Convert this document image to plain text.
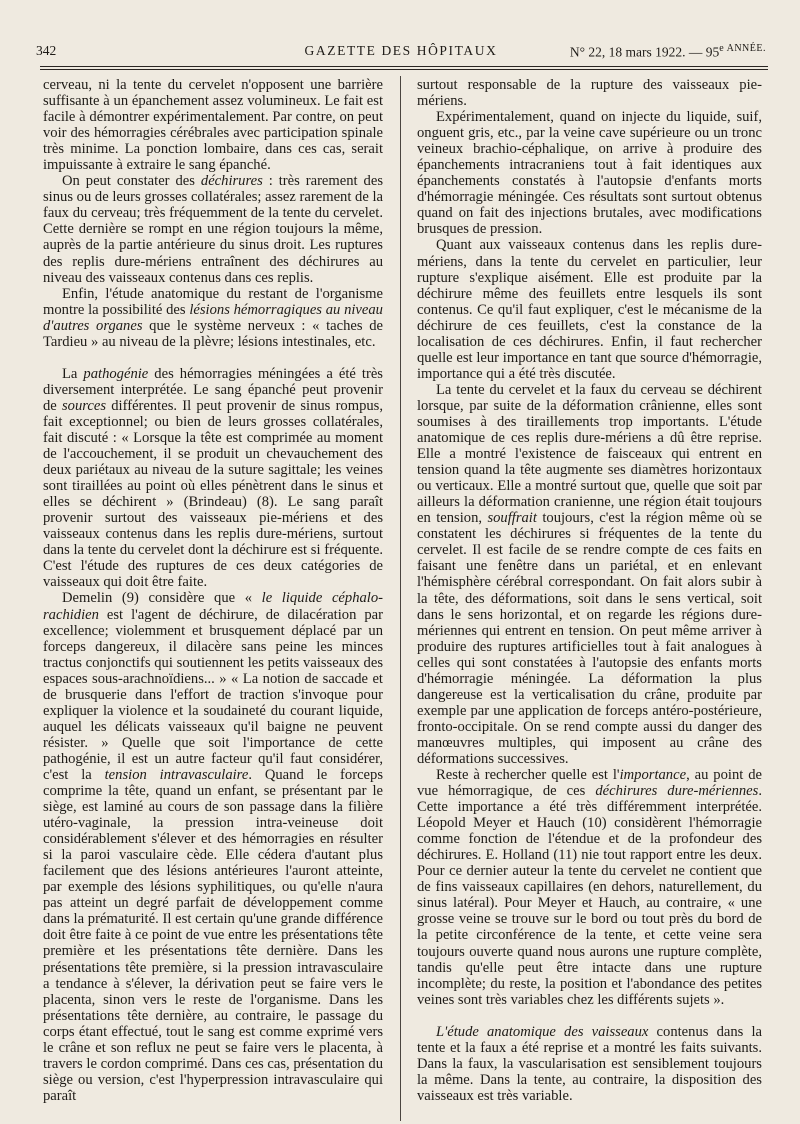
342	GAZETTE DES HÔPITAUX	N° 22, 18 mars 1922. — $95^{e ANNÉE.}$

cerveau, ni la tente du cervelet n'opposent une barrière suffisante à un épanchement assez volumineux. Le fait est facile à démontrer expérimentalement. Par contre, on peut voir des hémorragies cérébrales avec participation spinale très minime. La ponction lombaire, dans ces cas, serait impuissante à extraire le sang épanché.

On peut constater des déchirures : très rarement des sinus ou de leurs grosses collatérales; assez rarement de la faux du cerveau; très fréquemment de la tente du cervelet. Cette dernière se rompt en une région toujours la même, auprès de la partie antérieure du sinus droit. Les ruptures des replis dure-mériens entraînent des déchirures au niveau des vaisseaux contenus dans ces replis.

Enfin, l'étude anatomique du restant de l'organisme montre la possibilité des lésions hémorragiques au niveau d'autres organes que le système nerveux : « taches de Tardieu » au niveau de la plèvre; lésions intestinales, etc.

La pathogénie des hémorragies méningées a été très diversement interprétée. Le sang épanché peut provenir de sources différentes. Il peut provenir de sinus rompus, fait exceptionnel; ou bien de leurs grosses collatérales, fait discuté : « Lorsque la tête est comprimée au moment de l'accouchement, il se produit un chevauchement des deux pariétaux au niveau de la suture sagittale; les veines sont tiraillées au point où elles pénètrent dans le sinus et elles se déchirent » (Brindeau) (8). Le sang paraît provenir surtout des vaisseaux pie-mériens et des vaisseaux contenus dans les replis dure-mériens, surtout dans la tente du cervelet dont la déchirure est si fréquente. C'est l'étude des ruptures de ces deux catégories de vaisseaux qui doit être faite.

Demelin (9) considère que « le liquide céphalo-rachidien est l'agent de déchirure, de dilacération par excellence; violemment et brusquement déplacé par un forceps dangereux, il dilacère sans peine les minces tractus conjonctifs qui soutiennent les petits vaisseaux des espaces sous-arachnoïdiens... » « La notion de saccade et de brusquerie dans l'effort de traction s'invoque pour expliquer la violence et la soudaineté du courant liquide, auquel les délicats vaisseaux qu'il baigne ne peuvent résister. » Quelle que soit l'importance de cette pathogénie, il est un autre facteur qu'il faut considérer, c'est la tension intravasculaire. Quand le forceps comprime la tête, quand un enfant, se présentant par le siège, est laminé au cours de son passage dans la filière utéro-vaginale, la pression intra-veineuse doit considérablement s'élever et des hémorragies en résulter si la paroi vasculaire cède. Elle cédera d'autant plus facilement que des lésions antérieures l'auront atteinte, par exemple des lésions syphilitiques, ou qu'elle n'aura pas atteint un degré parfait de développement comme dans la prématurité. Il est certain qu'une grande différence doit être faite à ce point de vue entre les présentations tête première et les présentations tête dernière. Dans les présentations tête première, si la pression intravasculaire a tendance à s'élever, la dérivation peut se faire vers le placenta, sinon vers le reste de l'organisme. Dans les présentations tête dernière, au contraire, le passage du corps étant effectué, tout le sang est comme exprimé vers le crâne et son reflux ne peut se faire vers le placenta, à travers le cordon comprimé. Dans ces cas, présentation du siège ou version, c'est l'hyperpression intravasculaire qui paraît

surtout responsable de la rupture des vaisseaux pie-mériens.

Expérimentalement, quand on injecte du liquide, suif, onguent gris, etc., par la veine cave supérieure ou un tronc veineux brachio-céphalique, on arrive à produire des épanchements intracraniens tout à fait identiques aux épanchements constatés à l'autopsie d'enfants morts d'hémorragie méningée. Ces résultats sont surtout obtenus quand on fait des injections brutales, avec modifications brusques de pression.

Quant aux vaisseaux contenus dans les replis dure-mériens, dans la tente du cervelet en particulier, leur rupture s'explique aisément. Elle est produite par la déchirure même des feuillets entre lesquels ils sont contenus. Ce qu'il faut expliquer, c'est le mécanisme de la déchirure de ces feuillets, c'est la constance de la localisation de ces déchirures. Enfin, il faut rechercher quelle est leur importance en tant que source d'hémorragie, importance qui a été très discutée.

La tente du cervelet et la faux du cerveau se déchirent lorsque, par suite de la déformation crânienne, elles sont soumises à des tiraillements trop importants. L'étude anatomique de ces replis dure-mériens a dû être reprise. Elle a montré l'existence de faisceaux qui entrent en tension quand la tête augmente ses diamètres horizontaux ou verticaux. Elle a montré surtout que, quelle que soit par ailleurs la déformation cranienne, une région était toujours en tension, souffrait toujours, c'est la région même où se constatent les déchirures si fréquentes de la tente du cervelet. Il est facile de se rendre compte de ces faits en faisant une fenêtre dans un pariétal, et en enlevant l'hémisphère cérébral correspondant. On fait alors subir à la tête, des déformations, soit dans le sens vertical, soit dans le sens horizontal, et on regarde les régions dure-mériennes qui entrent en tension. On peut même arriver à produire des ruptures artificielles tout à fait analogues à celles qui sont constatées à l'autopsie des enfants morts d'hémorragie méningée. La déformation la plus dangereuse est la verticalisation du crâne, produite par exemple par une application de forceps antéro-postérieure, fronto-occipitale. On se rend compte aussi du danger des manœuvres multiples, qui imposent au crâne des déformations successives.

Reste à rechercher quelle est l'importance, au point de vue hémorragique, de ces déchirures dure-mériennes. Cette importance a été très différemment interprétée. Léopold Meyer et Hauch (10) considèrent l'hémorragie comme fonction de l'étendue et de la profondeur des déchirures. E. Holland (11) nie tout rapport entre les deux. Pour ce dernier auteur la tente du cervelet ne contient que de fins vaisseaux capillaires (en dehors, naturellement, du sinus latéral). Pour Meyer et Hauch, au contraire, « une grosse veine se trouve sur le bord ou tout près du bord de la petite circonférence de la tente, et cette veine sera toujours ouverte quand nous aurons une rupture complète, tandis qu'elle peut être intacte dans une rupture incomplète; du reste, la position et l'abondance des petites veines sont très variables chez les différents sujets ».

L'étude anatomique des vaisseaux contenus dans la tente et la faux a été reprise et a montré les faits suivants. Dans la faux, la vascularisation est sensiblement toujours la même. Dans la tente, au contraire, la disposition des vaisseaux est très variable.
